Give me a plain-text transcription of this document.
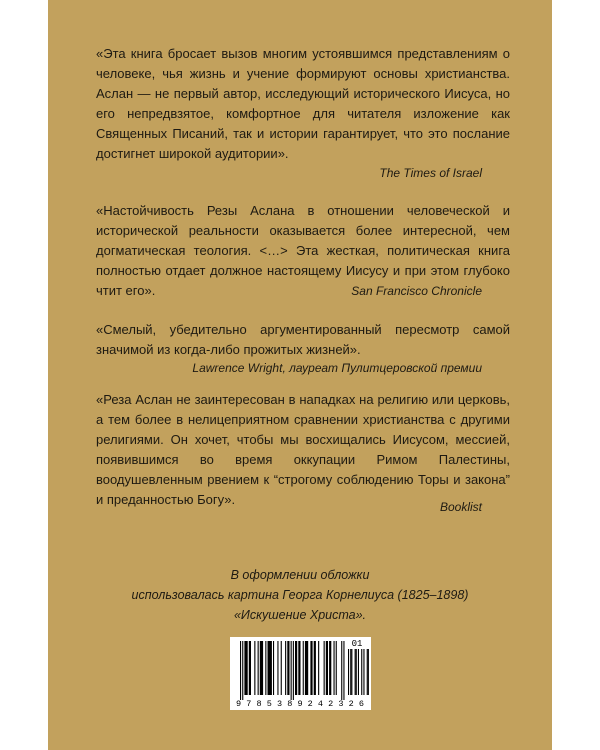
«Эта книга бросает вызов многим устоявшимся представлениям о человеке, чья жизнь и учение формируют основы христианства. Аслан — не первый автор, исследующий исторического Иисуса, но его непредвзятое, комфортное для читателя изложение как Священных Писаний, так и истории гарантирует, что это послание достигнет широкой аудитории».

The Times of Israel

«Настойчивость Резы Аслана в отношении человеческой и исторической реальности оказывается более интересной, чем догматическая теология. <…> Эта жесткая, политическая книга полностью отдает должное настоящему Иисусу и при этом глубоко чтит его».	San Francisco Chronicle

«Смелый, убедительно аргументированный пересмотр самой значимой из когда-либо прожитых жизней».

Lawrence Wright, лауреат Пулитцеровской премии

«Реза Аслан не заинтересован в нападках на религию или церковь, а тем более в нелицеприятном сравнении христианства с другими религиями. Он хочет, чтобы мы восхищались Иисусом, мессией, появившимся во время оккупации Римом Палестины, воодушевленным рвением к “строгому соблюдению Торы и закона” и преданностью Богу».	Booklist
В оформлении обложки
использовалась картина Георга Корнелиуса (1825–1898)
«Искушение Христа».
01
9785389242326
